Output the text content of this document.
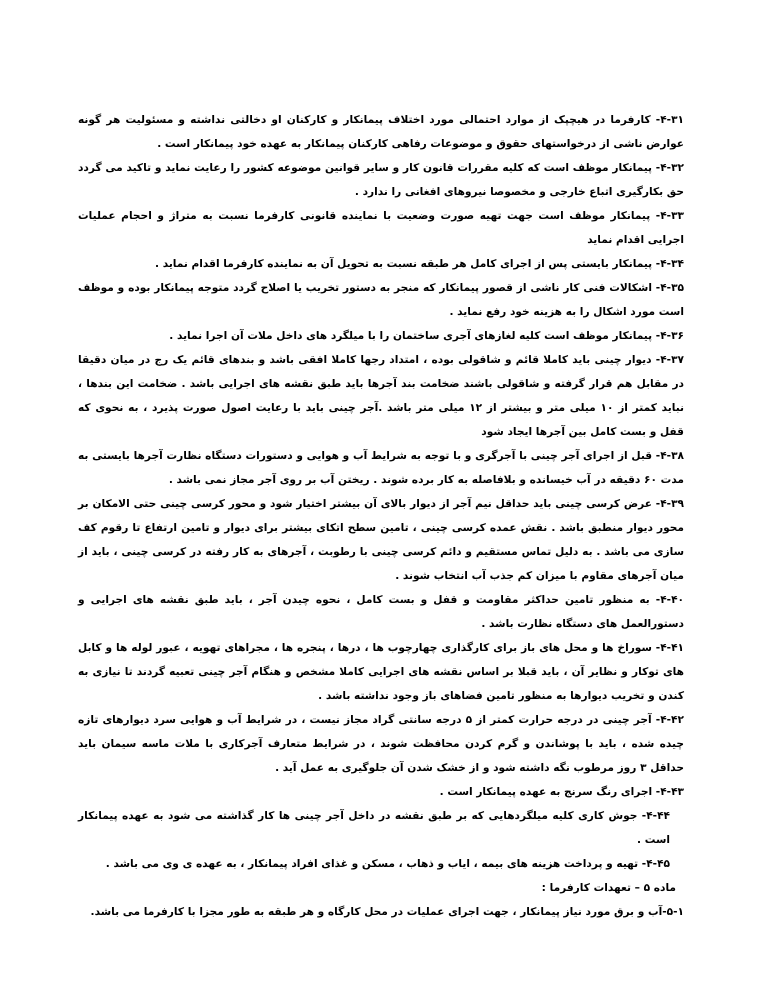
۴-۳۱- کارفرما در هیچپک از موارد احتمالی مورد اختلاف پیمانکار و کارکنان او دخالتی نداشته و مسئولیت هر گونه عوارض ناشی از درخواستهای حقوق و موضوعات رفاهی کارکنان پیمانکار به عهده خود پیمانکار است .

۴-۳۲- پیمانکار موظف است که کلیه مقررات قانون کار و سایر قوانین موضوعه کشور را رعایت نماید و تاکید می گردد حق بکارگیری اتباع خارجی و مخصوصا نیروهای افغانی را ندارد .

۴-۳۳- پیمانکار موظف است جهت تهیه صورت وضعیت با نماینده قانونی کارفرما نسبت به متراژ و احجام عملیات اجرایی اقدام نماید

۴-۳۴- پیمانکار بایستی پس از اجرای کامل هر طبقه نسبت به تحویل آن به نماینده کارفرما اقدام نماید .

۴-۳۵- اشکالات فنی کار ناشی از قصور پیمانکار که منجر به دستور تخریب یا اصلاح گردد متوجه پیمانکار بوده و موظف است مورد اشکال را به هزینه خود رفع نماید .

۴-۳۶- پیمانکار موظف است کلیه لغازهای آجری ساختمان را با میلگرد های داخل ملات آن اجرا نماید .

۴-۳۷- دیوار چینی باید کاملا قائم و شاقولی بوده ، امتداد رجها کاملا افقی باشد و بندهای قائم یک رج در میان دقیقا در مقابل هم قرار گرفته و شاقولی باشند ضخامت بند آجرها باید طبق نقشه های اجرایی باشد . ضخامت این بندها ، نباید کمتر از ۱۰ میلی متر و بیشتر از ۱۲ میلی متر باشد .آجر چینی باید با رعایت اصول صورت پذیرد ، به نحوی که قفل و بست کامل بین آجرها ایجاد شود

۴-۳۸- قبل از اجرای آجر چینی با آجرگری و با توجه به شرایط آب و هوایی و دستورات دستگاه نظارت آجرها بایستی به مدت ۶۰ دقیقه در آب خیسانده و بلافاصله به کار برده شوند . ریختن آب بر روی آجر مجاز نمی باشد .

۴-۳۹- عرض کرسی چینی باید حداقل نیم آجر از دیوار بالای آن بیشتر اختیار شود و محور کرسی چینی حتی الامکان بر محور دیوار منطبق باشد . نقش عمده کرسی چینی ، تامین سطح اتکای بیشتر برای دیوار و تامین ارتفاع تا رقوم کف سازی می باشد . به دلیل تماس مستقیم و دائم کرسی چینی با رطوبت ، آجرهای به کار رفته در کرسی چینی ، باید از میان آجرهای مقاوم با میزان کم جذب آب انتخاب شوند .

۴-۴۰- به منظور تامین حداکثر مقاومت و قفل و بست کامل ، نحوه چیدن آجر ، باید طبق نقشه های اجرایی و دستورالعمل های دستگاه نظارت باشد .

۴-۴۱- سوراخ ها و محل های باز برای کارگذاری چهارچوب ها ، درها ، پنجره ها ، مجراهای تهویه ، عبور لوله ها و کابل های توکار و نظایر آن ، باید قبلا بر اساس نقشه های اجرایی کاملا مشخص و هنگام آجر چینی تعبیه گردند تا نیازی به کندن و تخریب دیوارها به منظور تامین فضاهای باز وجود نداشته باشد .

۴-۴۲- آجر چینی در درجه حرارت کمتر از ۵ درجه سانتی گراد مجاز نیست ، در شرایط آب و هوایی سرد دیوارهای تازه چیده شده ، باید با پوشاندن و گرم کردن محافظت شوند ، در شرایط متعارف آجرکاری با ملات ماسه سیمان باید حداقل ۳ روز مرطوب نگه داشته شود و از خشک شدن آن جلوگیری به عمل آید .

۴-۴۳- اجرای رنگ سرنج به عهده پیمانکار است .

۴-۴۴- جوش کاری کلیه میلگردهایی که بر طبق نقشه در داخل آجر چینی ها کار گذاشته می شود به عهده پیمانکار است .

۴-۴۵- تهیه و پرداخت هزینه های بیمه ، ایاب و ذهاب ، مسکن و غذای افراد پیمانکار ، به عهده ی وی می باشد .

ماده ۵ – تعهدات کارفرما :

۵-۱-آب و برق مورد نیاز پیمانکار ، جهت اجرای عملیات در محل کارگاه و هر طبقه به طور مجزا با کارفرما می باشد.
